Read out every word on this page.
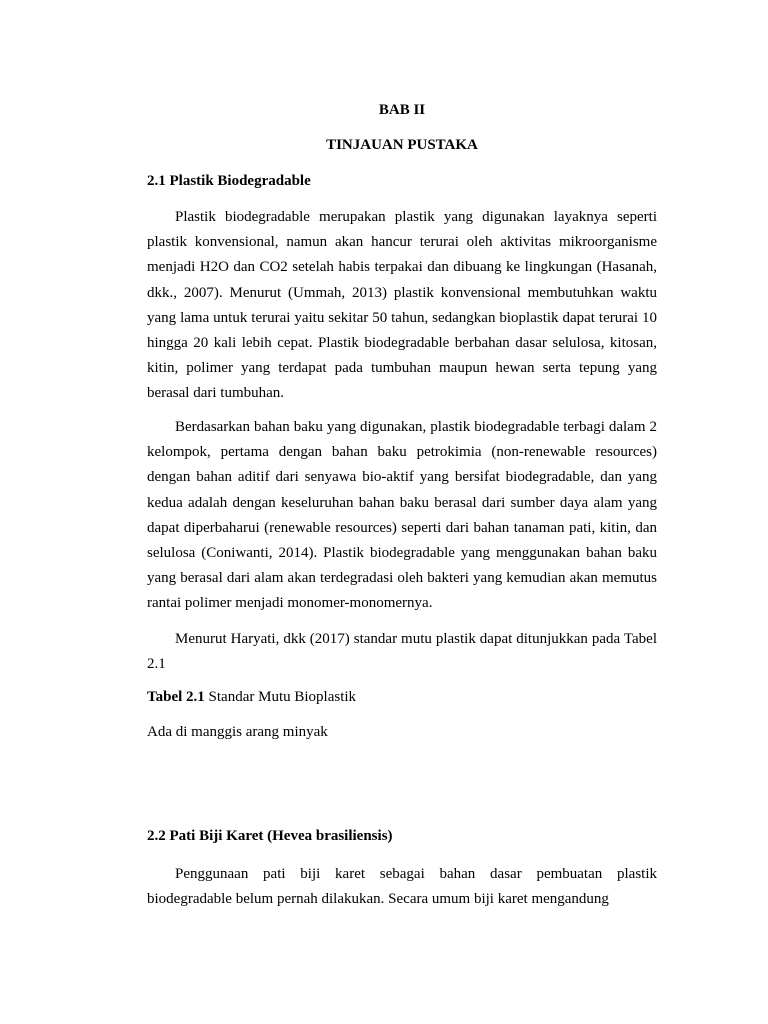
BAB II
TINJAUAN PUSTAKA
2.1 Plastik Biodegradable

Plastik biodegradable merupakan plastik yang digunakan layaknya seperti plastik konvensional, namun akan hancur terurai oleh aktivitas mikroorganisme menjadi H2O dan CO2 setelah habis terpakai dan dibuang ke lingkungan (Hasanah, dkk., 2007). Menurut (Ummah, 2013) plastik konvensional membutuhkan waktu yang lama untuk terurai yaitu sekitar 50 tahun, sedangkan bioplastik dapat terurai 10 hingga 20 kali lebih cepat. Plastik biodegradable berbahan dasar selulosa, kitosan, kitin, polimer yang terdapat pada tumbuhan maupun hewan serta tepung yang berasal dari tumbuhan.

Berdasarkan bahan baku yang digunakan, plastik biodegradable terbagi dalam 2 kelompok, pertama dengan bahan baku petrokimia (non-renewable resources) dengan bahan aditif dari senyawa bio-aktif yang bersifat biodegradable, dan yang kedua adalah dengan keseluruhan bahan baku berasal dari sumber daya alam yang dapat diperbaharui (renewable resources) seperti dari bahan tanaman pati, kitin, dan selulosa (Coniwanti, 2014). Plastik biodegradable yang menggunakan bahan baku yang berasal dari alam akan terdegradasi oleh bakteri yang kemudian akan memutus rantai polimer menjadi monomer-monomernya.

Menurut Haryati, dkk (2017) standar mutu plastik dapat ditunjukkan pada Tabel 2.1

Tabel 2.1 Standar Mutu Bioplastik

Ada di manggis arang minyak

2.2 Pati Biji Karet (Hevea brasiliensis)

Penggunaan pati biji karet sebagai bahan dasar pembuatan plastik biodegradable belum pernah dilakukan. Secara umum biji karet mengandung
